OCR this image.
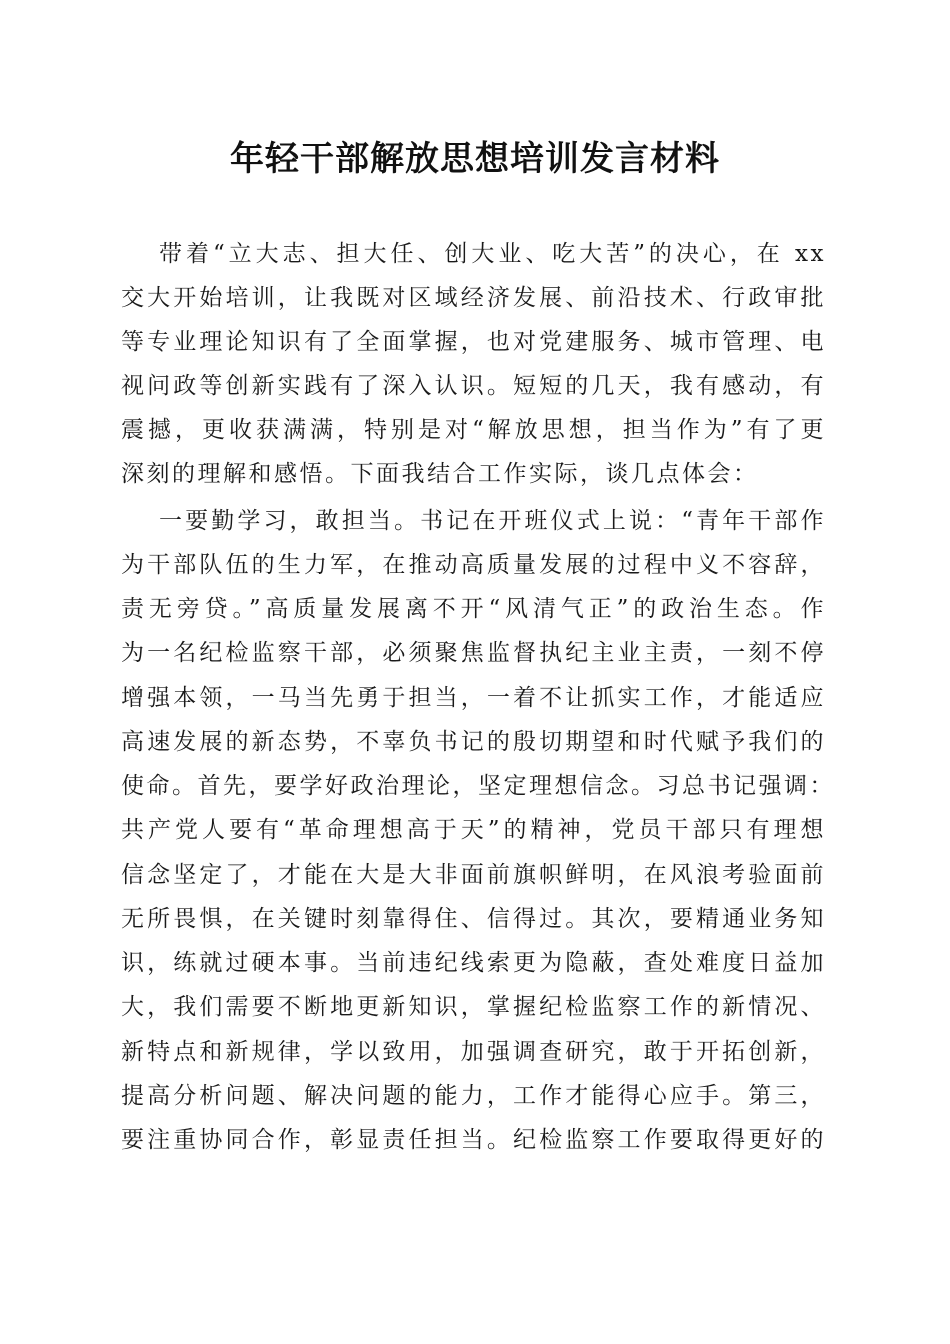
年轻干部解放思想培训发言材料
带着“立大志、担大任、创大业、吃大苦”的决心，在 xx
交大开始培训，让我既对区域经济发展、前沿技术、行政审批
等专业理论知识有了全面掌握，也对党建服务、城市管理、电
视问政等创新实践有了深入认识。短短的几天，我有感动，有
震撼，更收获满满，特别是对“解放思想，担当作为”有了更
深刻的理解和感悟。下面我结合工作实际，谈几点体会：
一要勤学习，敢担当。书记在开班仪式上说：“青年干部作
为干部队伍的生力军，在推动高质量发展的过程中义不容辞，
责无旁贷。”高质量发展离不开“风清气正”的政治生态。作
为一名纪检监察干部，必须聚焦监督执纪主业主责，一刻不停
增强本领，一马当先勇于担当，一着不让抓实工作，才能适应
高速发展的新态势，不辜负书记的殷切期望和时代赋予我们的
使命。首先，要学好政治理论，坚定理想信念。习总书记强调：
共产党人要有“革命理想高于天”的精神，党员干部只有理想
信念坚定了，才能在大是大非面前旗帜鲜明，在风浪考验面前
无所畏惧，在关键时刻靠得住、信得过。其次，要精通业务知
识，练就过硬本事。当前违纪线索更为隐蔽，查处难度日益加
大，我们需要不断地更新知识，掌握纪检监察工作的新情况、
新特点和新规律，学以致用，加强调查研究，敢于开拓创新，
提高分析问题、解决问题的能力，工作才能得心应手。第三，
要注重协同合作，彰显责任担当。纪检监察工作要取得更好的
